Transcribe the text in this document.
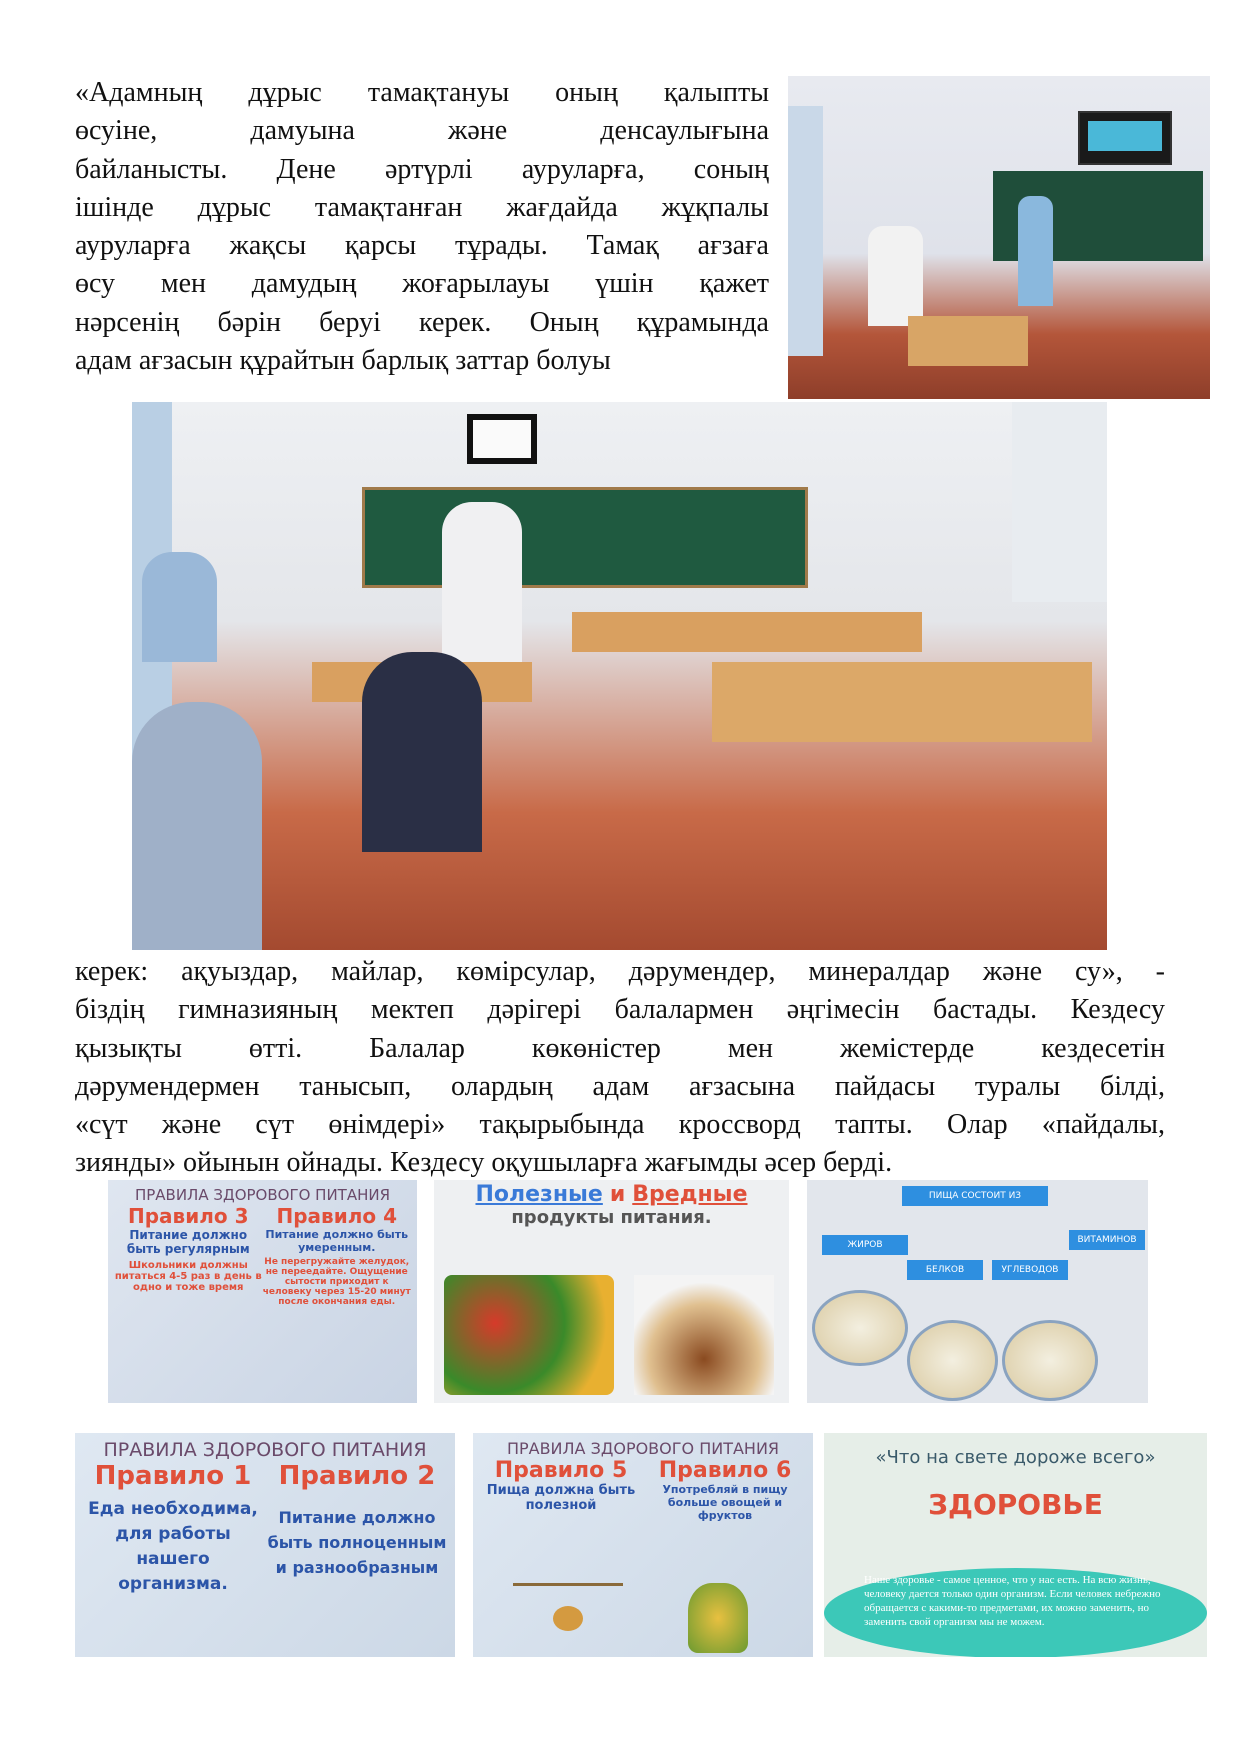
«Адамның дұрыс тамақтануы оның қалыпты
өсуіне, дамуына және денсаулығына
байланысты. Дене әртүрлі ауруларға, соның
ішінде дұрыс тамақтанған жағдайда жұқпалы
ауруларға жақсы қарсы тұрады. Тамақ ағзаға
өсу мен дамудың жоғарылауы үшін қажет
нәрсенің бәрін беруі керек. Оның құрамында
адам ағзасын құрайтын барлық заттар болуы
керек: ақуыздар, майлар, көмірсулар, дәрумендер, минералдар және су», -
біздің гимназияның мектеп дәрігері балалармен әңгімесін бастады. Кездесу
қызықты өтті. Балалар көкөністер мен жемістерде кездесетін
дәрумендермен танысып, олардың адам ағзасына пайдасы туралы білді,
«сүт және сүт өнімдері» тақырыбында кроссворд тапты. Олар «пайдалы,
зиянды» ойынын ойнады. Кездесу оқушыларға жағымды әсер берді.
ПРАВИЛА ЗДОРОВОГО ПИТАНИЯ
Правило 3
Питание должно быть регулярным
Школьники должны питаться 4-5 раз в день в одно и тоже время
Правило 4
Питание должно быть умеренным.
Не перегружайте желудок, не переедайте. Ощущение сытости приходит к человеку через 15-20 минут после окончания еды.
Полезные и Вредные
продукты питания.
ПИЩА СОСТОИТ ИЗ
ЖИРОВ
БЕЛКОВ	УГЛЕВОДОВ
ВИТАМИНОВ
ПРАВИЛА ЗДОРОВОГО ПИТАНИЯ
Правило 1
Еда необходима, для работы нашего организма.
Правило 2
Питание должно быть полноценным и разнообразным
ПРАВИЛА ЗДОРОВОГО ПИТАНИЯ
Правило 5
Пища должна быть полезной
Правило 6
Употребляй в пищу больше овощей и фруктов
«Что на свете дороже всего»
ЗДОРОВЬЕ
Наше здоровье - самое ценное, что у нас есть. На всю жизнь, человеку дается только один организм. Если человек небрежно обращается с какими-то предметами, их можно заменить, но заменить свой организм мы не можем.
